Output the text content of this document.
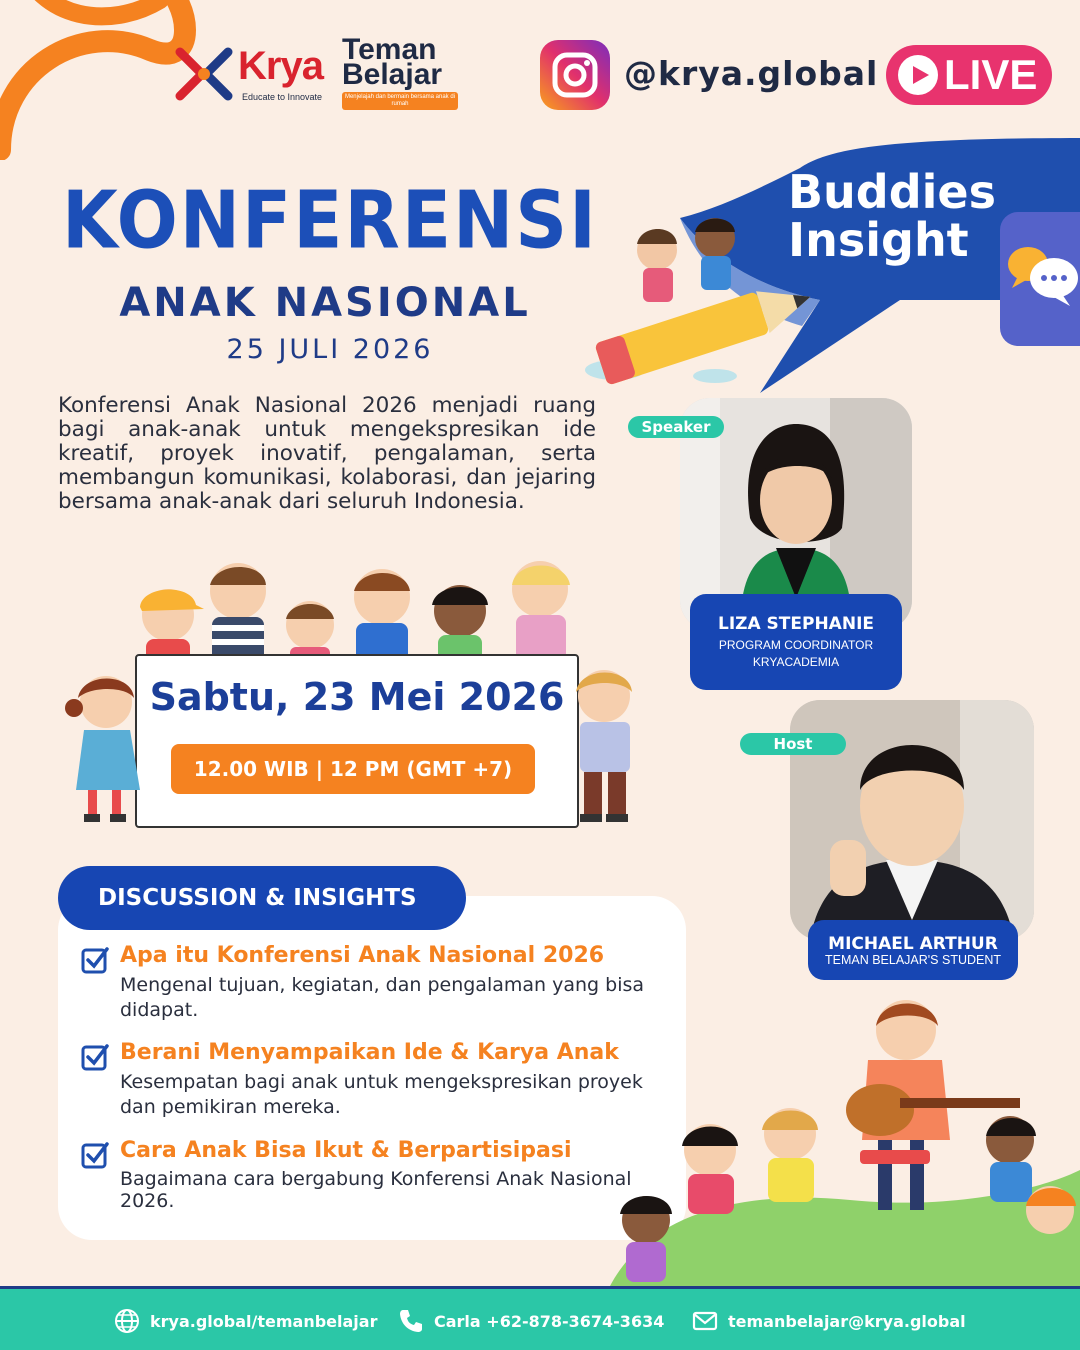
Krya
Educate to Innovate
Teman
Belajar
Menjelajah dan bermain bersama anak di rumah
@krya.global LIVE
KONFERENSI
ANAK NASIONAL
25 JULI 2026
Konferensi Anak Nasional 2026 menjadi ruang bagi anak-anak untuk mengekspresikan ide kreatif, proyek inovatif, pengalaman, serta membangun komunikasi, kolaborasi, dan jejaring bersama anak-anak dari seluruh Indonesia.
Buddies
Insight
Speaker
LIZA STEPHANIE
PROGRAM COORDINATOR
KRYACADEMIA
Host
MICHAEL ARTHUR
TEMAN BELAJAR'S STUDENT
Sabtu, 23 Mei 2026
12.00 WIB | 12 PM (GMT +7)
DISCUSSION & INSIGHTS
Apa itu Konferensi Anak Nasional 2026
Mengenal tujuan, kegiatan, dan pengalaman yang bisa didapat.
Berani Menyampaikan Ide & Karya Anak
Kesempatan bagi anak untuk mengekspresikan proyek dan pemikiran mereka.
Cara Anak Bisa Ikut & Berpartisipasi
Bagaimana cara bergabung Konferensi Anak Nasional 2026.
krya.global/temanbelajar	Carla +62-878-3674-3634	temanbelajar@krya.global
